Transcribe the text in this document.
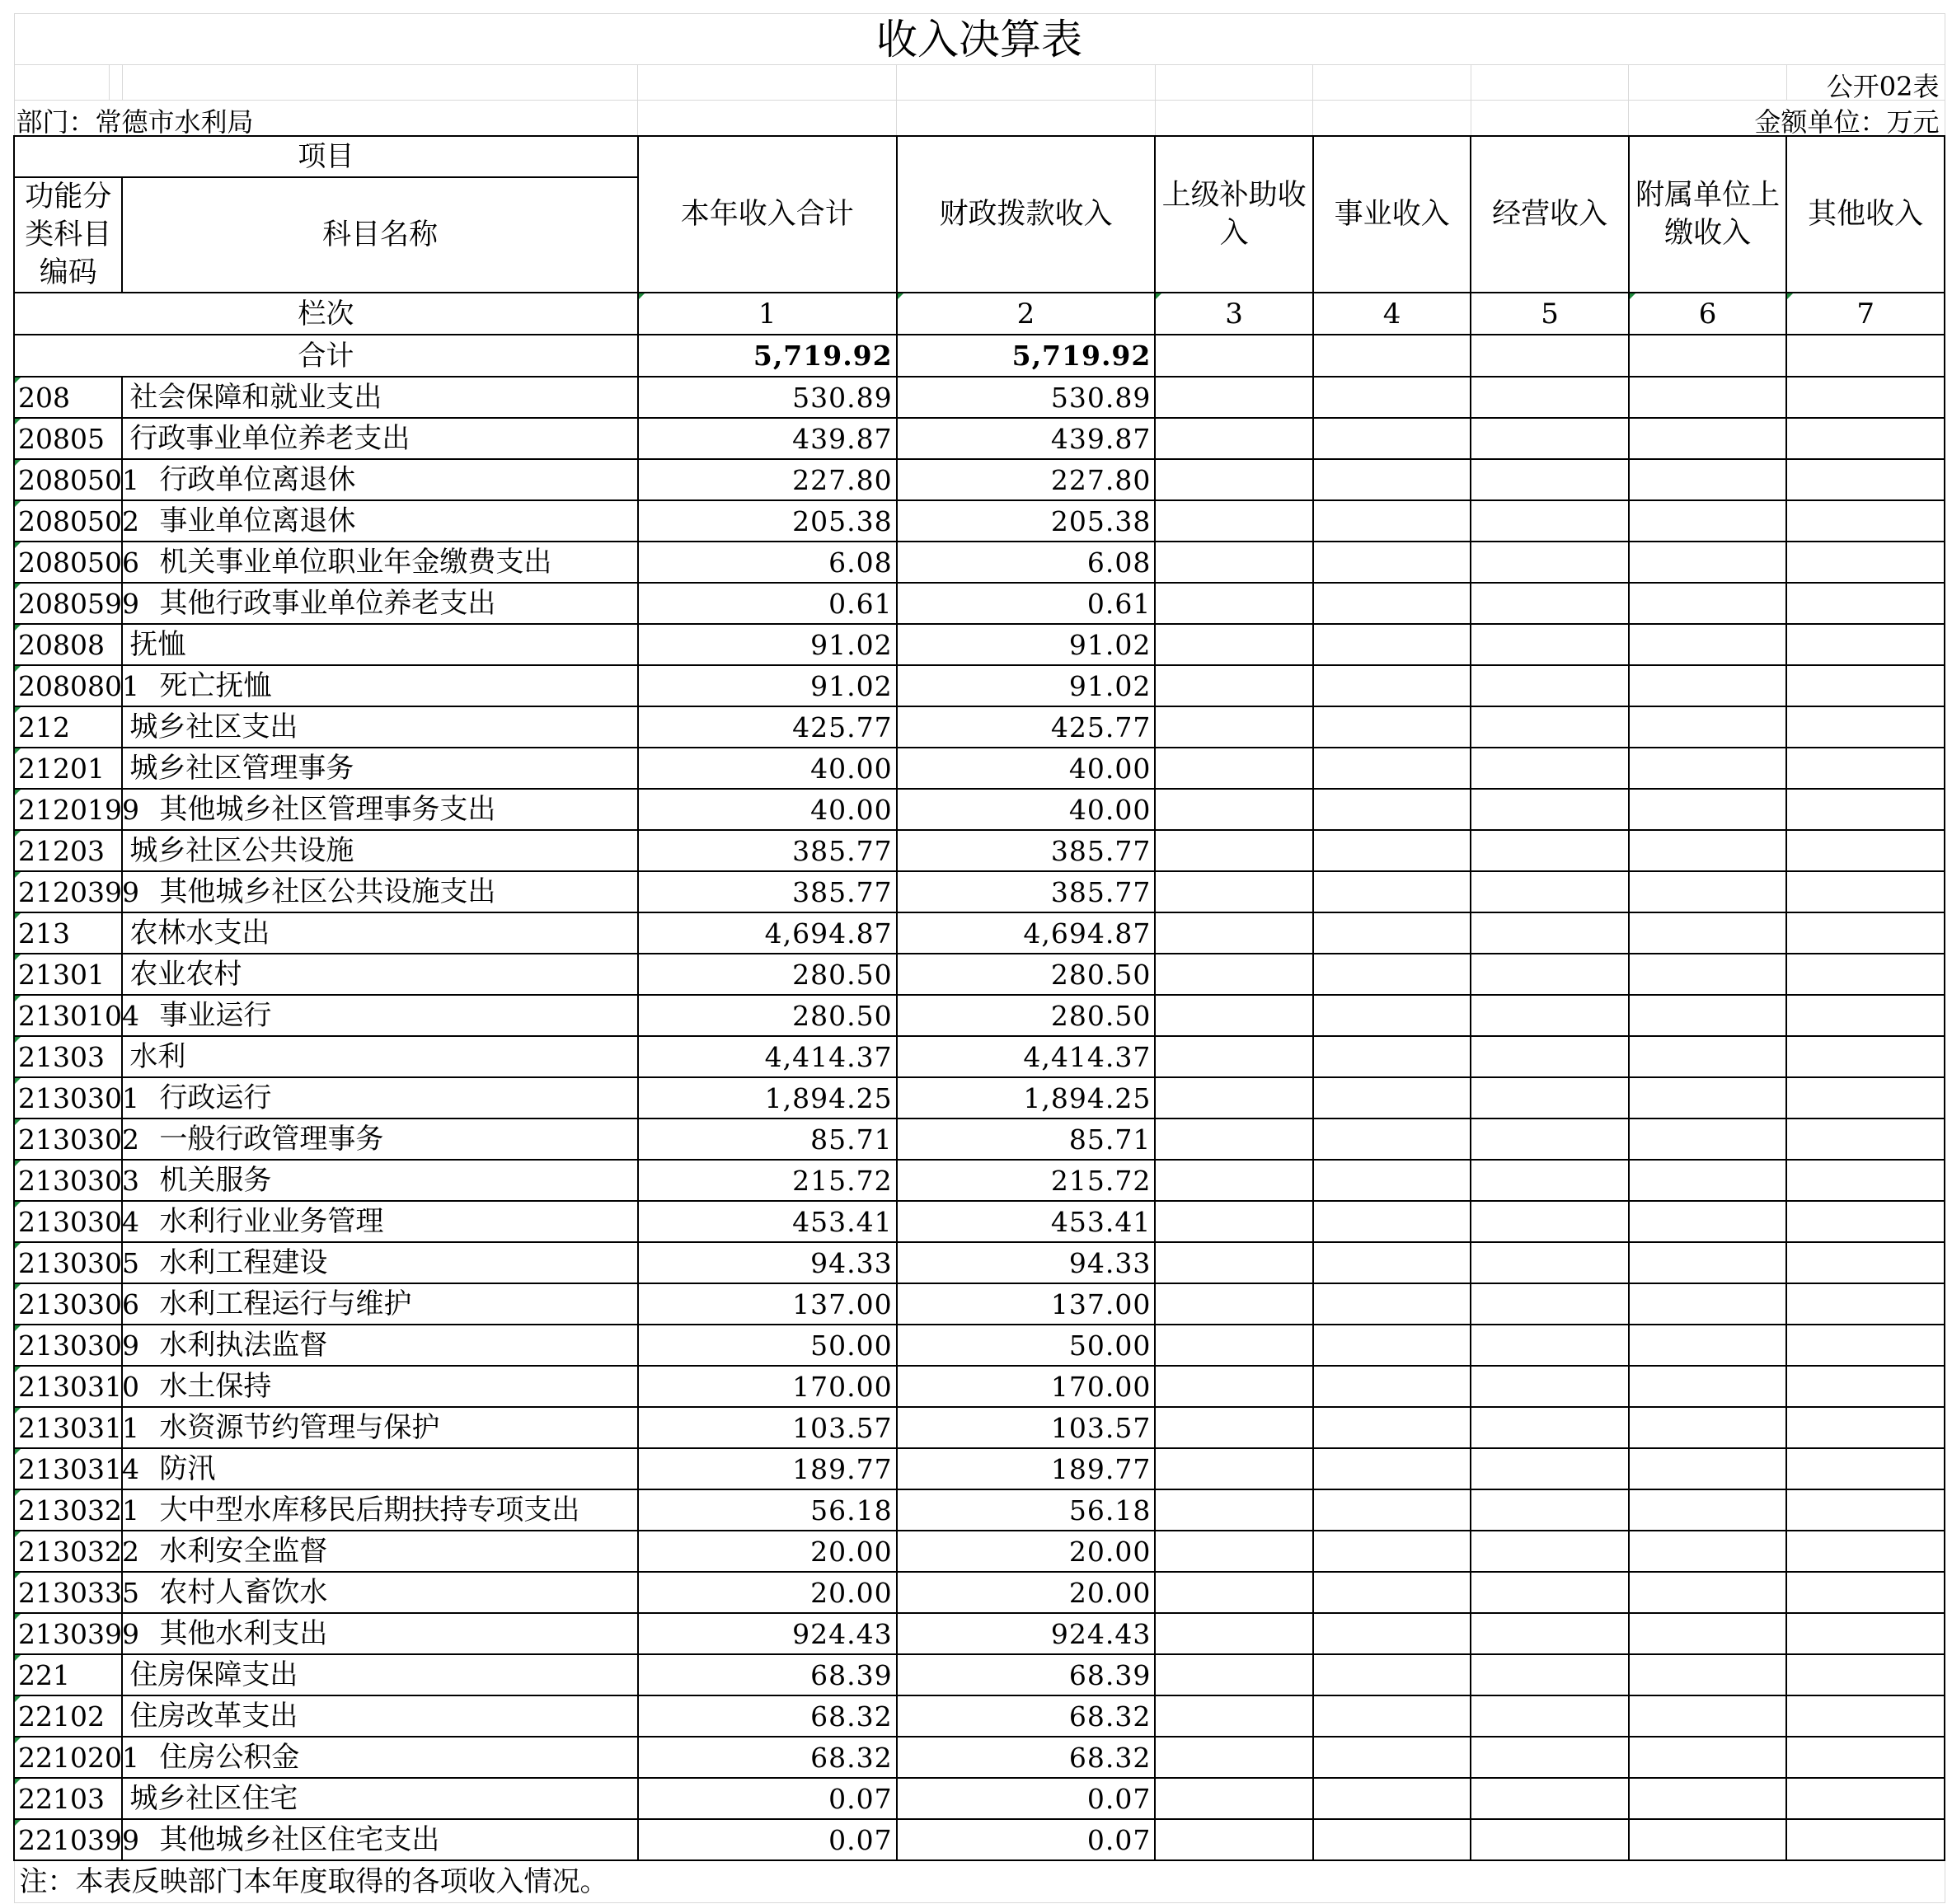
收入决算表									
									公开02表
部门：常德市水利局								金额单位：万元	
项目			本年收入合计	财政拨款收入	上级补助收入	事业收入	经营收入	附属单位上缴收入	其他收入
功能分类科目编码		科目名称							
栏次			1	2	3	4	5	6	7

合计			5,719.92	5,719.92					
208		社会保障和就业支出	530.89	530.89					
20805		行政事业单位养老支出	439.87	439.87					
2080501		行政单位离退休	227.80	227.80					
2080502		事业单位离退休	205.38	205.38					
2080506		机关事业单位职业年金缴费支出	6.08	6.08					
2080599		其他行政事业单位养老支出	0.61	0.61					
20808		抚恤	91.02	91.02					
2080801		死亡抚恤	91.02	91.02					
212		城乡社区支出	425.77	425.77					
21201		城乡社区管理事务	40.00	40.00					
2120199		其他城乡社区管理事务支出	40.00	40.00					
21203		城乡社区公共设施	385.77	385.77					
2120399		其他城乡社区公共设施支出	385.77	385.77					
213		农林水支出	4,694.87	4,694.87					
21301		农业农村	280.50	280.50					
2130104		事业运行	280.50	280.50					
21303		水利	4,414.37	4,414.37					
2130301		行政运行	1,894.25	1,894.25					
2130302		一般行政管理事务	85.71	85.71					
2130303		机关服务	215.72	215.72					
2130304		水利行业业务管理	453.41	453.41					
2130305		水利工程建设	94.33	94.33					
2130306		水利工程运行与维护	137.00	137.00					
2130309		水利执法监督	50.00	50.00					
2130310		水土保持	170.00	170.00					
2130311		水资源节约管理与保护	103.57	103.57					
2130314		防汛	189.77	189.77					
2130321		大中型水库移民后期扶持专项支出	56.18	56.18					
2130322		水利安全监督	20.00	20.00					
2130335		农村人畜饮水	20.00	20.00					
2130399		其他水利支出	924.43	924.43					
221		住房保障支出	68.39	68.39					
22102		住房改革支出	68.32	68.32					
2210201		住房公积金	68.32	68.32					
22103		城乡社区住宅	0.07	0.07					
2210399		其他城乡社区住宅支出	0.07	0.07					
注：本表反映部门本年度取得的各项收入情况。									
